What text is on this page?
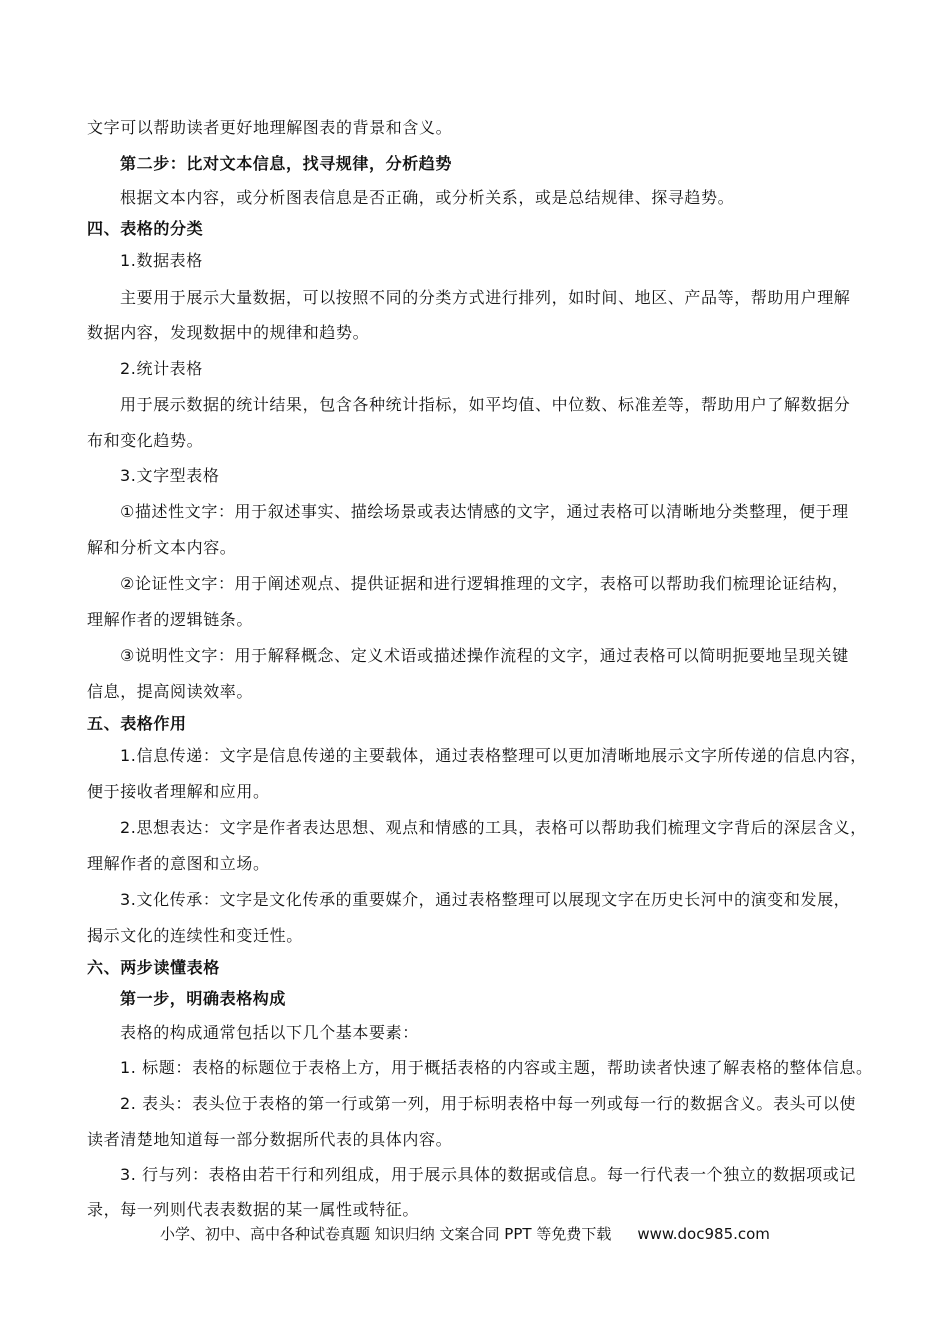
文字可以帮助读者更好地理解图表的背景和含义。
第二步：比对文本信息，找寻规律，分析趋势
根据文本内容，或分析图表信息是否正确，或分析关系，或是总结规律、探寻趋势。
四、表格的分类
1.数据表格
主要用于展示大量数据，可以按照不同的分类方式进行排列，如时间、地区、产品等，帮助用户理解
数据内容，发现数据中的规律和趋势。
2.统计表格
用于展示数据的统计结果，包含各种统计指标，如平均值、中位数、标准差等，帮助用户了解数据分
布和变化趋势。
3.文字型表格
①描述性文字：用于叙述事实、描绘场景或表达情感的文字，通过表格可以清晰地分类整理，便于理
解和分析文本内容。
②论证性文字：用于阐述观点、提供证据和进行逻辑推理的文字，表格可以帮助我们梳理论证结构，
理解作者的逻辑链条。
③说明性文字：用于解释概念、定义术语或描述操作流程的文字，通过表格可以简明扼要地呈现关键
信息，提高阅读效率。
五、表格作用
1.信息传递：文字是信息传递的主要载体，通过表格整理可以更加清晰地展示文字所传递的信息内容，
便于接收者理解和应用。
2.思想表达：文字是作者表达思想、观点和情感的工具，表格可以帮助我们梳理文字背后的深层含义，
理解作者的意图和立场。
3.文化传承：文字是文化传承的重要媒介，通过表格整理可以展现文字在历史长河中的演变和发展，
揭示文化的连续性和变迁性。
六、两步读懂表格
第一步，明确表格构成
表格的构成通常包括以下几个基本要素：
1. 标题：表格的标题位于表格上方，用于概括表格的内容或主题，帮助读者快速了解表格的整体信息。
2. 表头：表头位于表格的第一行或第一列，用于标明表格中每一列或每一行的数据含义。表头可以使
读者清楚地知道每一部分数据所代表的具体内容。
3. 行与列：表格由若干行和列组成，用于展示具体的数据或信息。每一行代表一个独立的数据项或记
录，每一列则代表表数据的某一属性或特征。
小学、初中、高中各种试卷真题 知识归纳 文案合同 PPT 等免费下载 www.doc985.com
